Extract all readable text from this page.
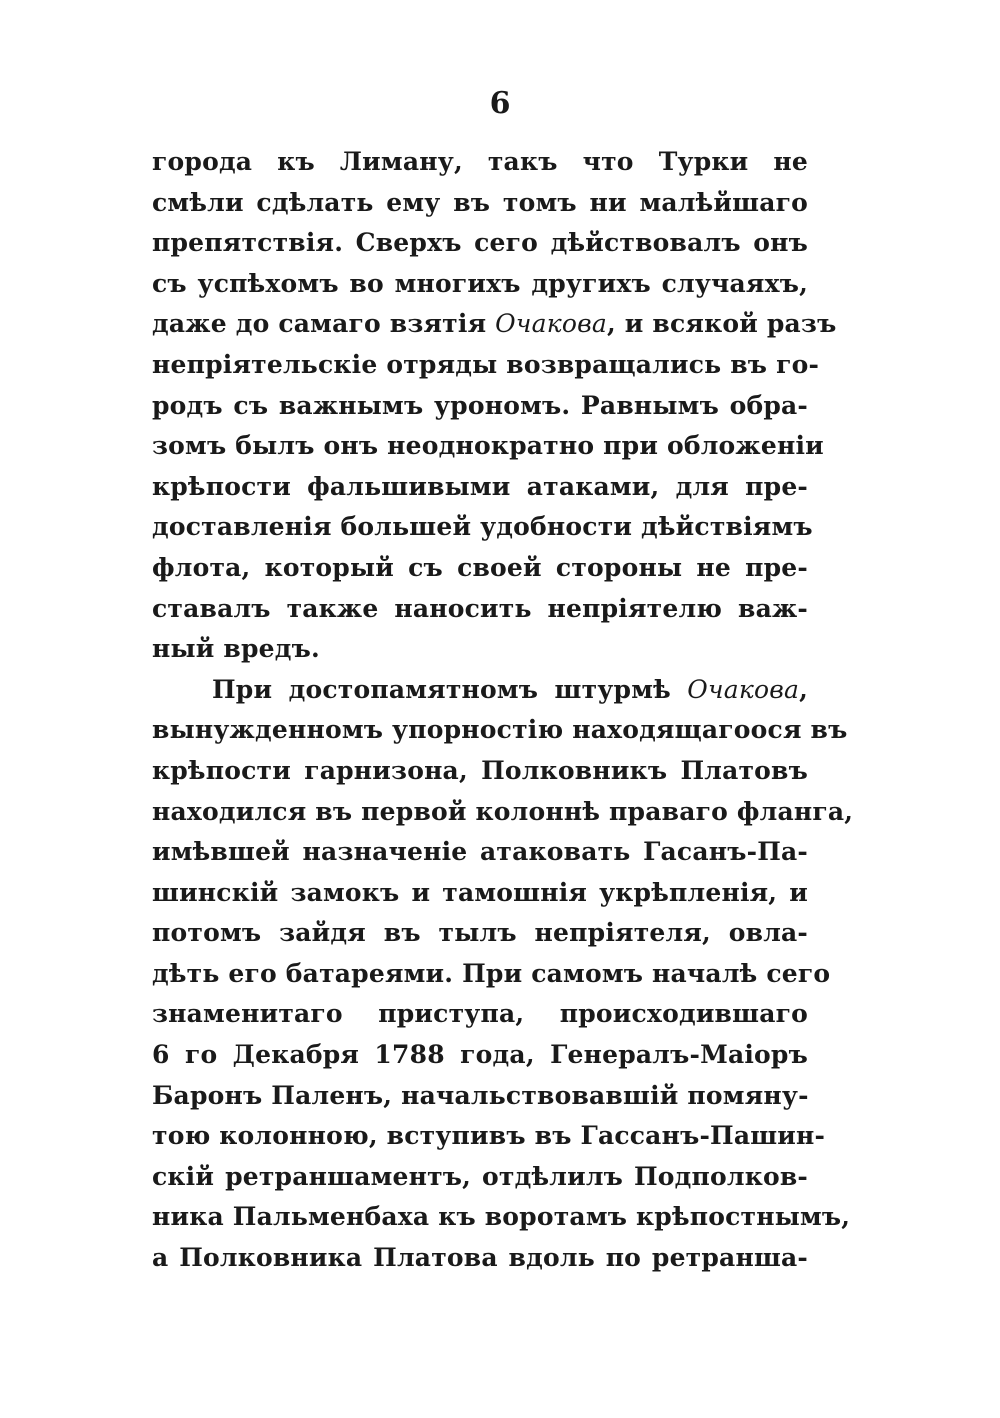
6
города къ Лиману, такъ что Турки не
смѣли сдѣлать ему въ томъ ни малѣйшаго
препятствія. Сверхъ сего дѣйствовалъ онъ
съ успѣхомъ во многихъ другихъ случаяхъ,
даже до самаго взятія Очакова, и всякой разъ
непріятельскіе отряды возвращались въ го-
родъ съ важнымъ урономъ. Равнымъ обра-
зомъ былъ онъ неоднократно при обложеніи
крѣпости фальшивыми атаками, для пре-
доставленія большей удобности дѣйствіямъ
флота, который съ своей стороны не пре-
ставалъ также наносить непріятелю важ-
ный вредъ.
При достопамятномъ штурмѣ Очакова,
вынужденномъ упорностію находящагоося въ
крѣпости гарнизона, Полковникъ Платовъ
находился въ первой колоннѣ праваго фланга,
имѣвшей назначеніе атаковать Гасанъ-Па-
шинскій замокъ и тамошнія укрѣпленія, и
потомъ зайдя въ тылъ непріятеля, овла-
дѣть его батареями. При самомъ началѣ сего
знаменитаго приступа, происходившаго
6 го Декабря 1788 года, Генералъ-Маіоръ
Баронъ Паленъ, начальствовавшій помяну-
тою колонною, вступивъ въ Гассанъ-Пашин-
скій ретраншаментъ, отдѣлилъ Подполков-
ника Пальменбаха къ воротамъ крѣпостнымъ,
а Полковника Платова вдоль по ретранша-
